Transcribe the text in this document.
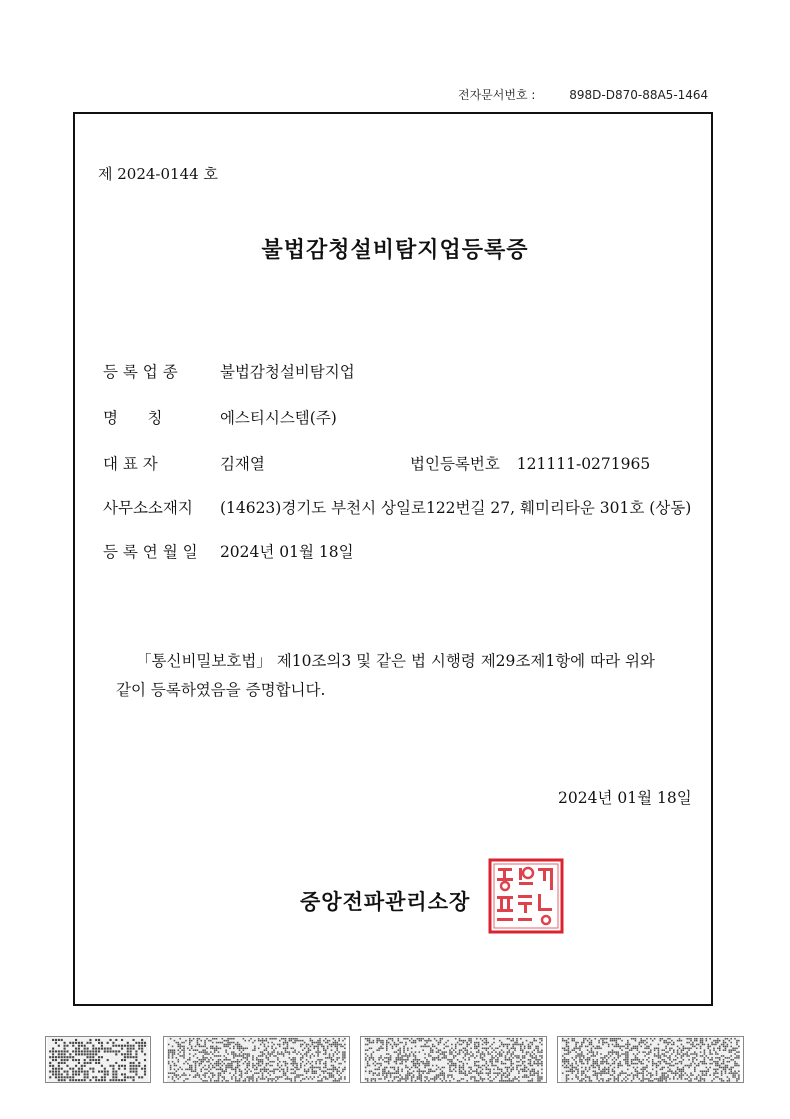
전자문서번호 :	898D-D870-88A5-1464
제 2024-0144 호
불법감청설비탐지업등록증
등 록 업 종	불법감청설비탐지업
명      칭	에스티시스템(주)
대 표 자	김재열	법인등록번호 121111-0271965
사무소소재지 (14623)경기도 부천시 상일로122번길 27, 훼미리타운 301호 (상동)
등 록 연 월 일 2024년 01월 18일
「통신비밀보호법」 제10조의3 및 같은 법 시행령 제29조제1항에 따라 위와
같이 등록하였음을 증명합니다.
2024년 01월 18일
중앙전파관리소장
